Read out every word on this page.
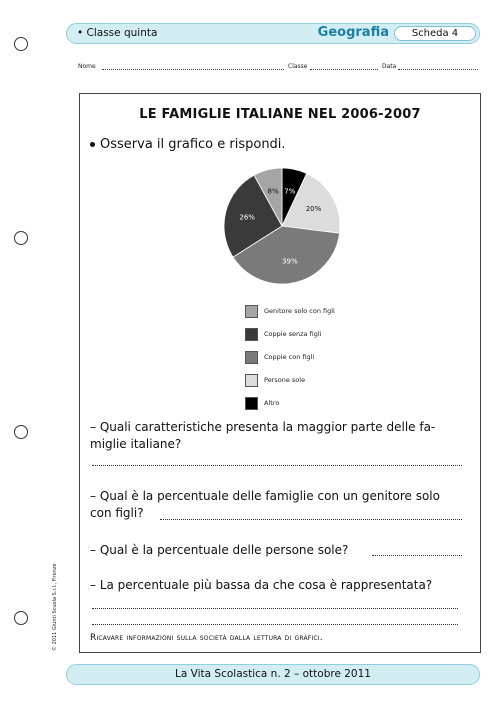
• Classe quinta	Geografia	Scheda 4
Nome	Classe	Data
LE FAMIGLIE ITALIANE NEL 2006-2007
Osserva il grafico e rispondi.
7%
20%
39%
26%
8%
Genitore solo con figli
Coppie senza figli
Coppie con figli
Persone sole
Altro
– Quali caratteristiche presenta la maggior parte delle fa-
miglie italiane?
– Qual è la percentuale delle famiglie con un genitore solo
con figli?
– Qual è la percentuale delle persone sole?
– La percentuale più bassa da che cosa è rappresentata?
Ricavare informazioni sulla società dalla lettura di grafici.
La Vita Scolastica n. 2 – ottobre 2011
© 2011 Giunti Scuola S.r.l., Firenze
